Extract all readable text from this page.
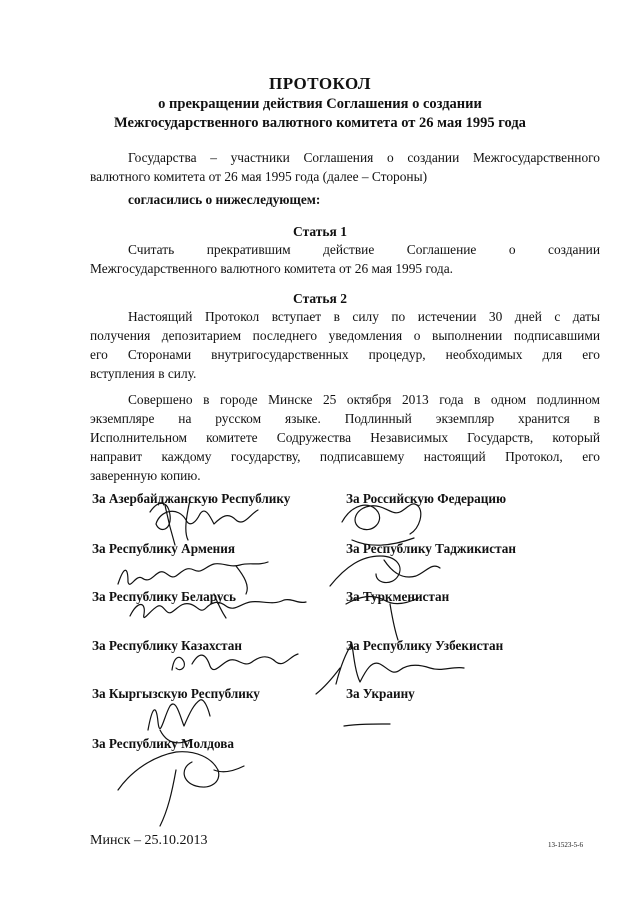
ПРОТОКОЛ
о прекращении действия Соглашения о создании
Межгосударственного валютного комитета от 26 мая 1995 года
Государства – участники Соглашения о создании Межгосударственного
валютного комитета от 26 мая 1995 года (далее – Стороны)
согласились о нижеследующем:
Статья 1
Считать прекратившим действие Соглашение о создании
Межгосударственного валютного комитета от 26 мая 1995 года.
Статья 2
Настоящий Протокол вступает в силу по истечении 30 дней с даты
получения депозитарием последнего уведомления о выполнении подписавшими
его Сторонами внутригосударственных процедур, необходимых для его
вступления в силу.
Совершено в городе Минске 25 октября 2013 года в одном подлинном
экземпляре на русском языке. Подлинный экземпляр хранится в
Исполнительном комитете Содружества Независимых Государств, который
направит каждому государству, подписавшему настоящий Протокол, его
заверенную копию.
За Азербайджанскую Республику
За Республику Армения
За Республику Беларусь
За Республику Казахстан
За Кыргызскую Республику
За Республику Молдова
За Российскую Федерацию
За Республику Таджикистан
За Туркменистан
За Республику Узбекистан
За Украину
Минск – 25.10.2013	13-1523-5-6
